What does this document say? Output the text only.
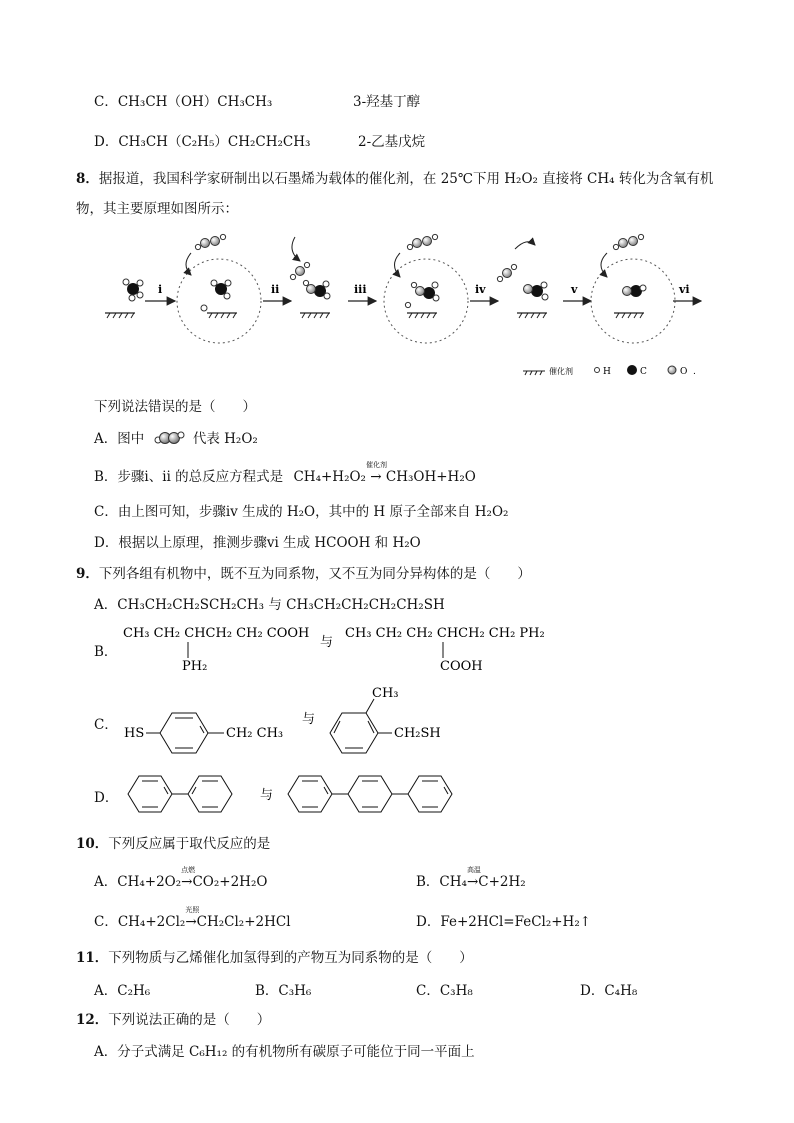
C．CH₃CH（OH）CH₃CH₃	3-羟基丁醇
D．CH₃CH（C₂H₅）CH₂CH₂CH₃	2-乙基戊烷
8．据报道，我国科学家研制出以石墨烯为载体的催化剂，在 25℃下用 H₂O₂ 直接将 CH₄ 转化为含氧有机
物，其主要原理如图所示：
i	ii	iii	iv	v	vi
催化剂	H	C	O .
下列说法错误的是（　　）
A．图中	代表 H₂O₂
B．步骤ⅰ、ⅱ 的总反应方程式是 CH₄+H₂O₂
催化剂
→ CH₃OH+H₂O
C．由上图可知，步骤ⅳ 生成的 H₂O，其中的 H 原子全部来自 H₂O₂
D．根据以上原理，推测步骤ⅵ 生成 HCOOH 和 H₂O
9．下列各组有机物中，既不互为同系物，又不互为同分异构体的是（　　）
A．CH₃CH₂CH₂SCH₂CH₃ 与 CH₃CH₂CH₂CH₂CH₂SH
B．
CH₃ CH₂ CHCH₂ CH₂ COOH
PH₂
与
CH₃ CH₂ CH₂ CHCH₂ CH₂ PH₂
COOH
C．
HS	CH₂ CH₃
与
CH₃
CH₂SH
D．	与
10．下列反应属于取代反应的是
A．CH₄+2O₂
点燃
→CO₂+2H₂O	B．CH₄
高温
→C+2H₂
C．CH₄+2Cl₂
光照
→CH₂Cl₂+2HCl	D．Fe+2HCl=FeCl₂+H₂↑
11．下列物质与乙烯催化加氢得到的产物互为同系物的是（　　）
A．C₂H₆	B．C₃H₆	C．C₃H₈	D．C₄H₈
12．下列说法正确的是（　　）
A．分子式满足 C₆H₁₂ 的有机物所有碳原子可能位于同一平面上
